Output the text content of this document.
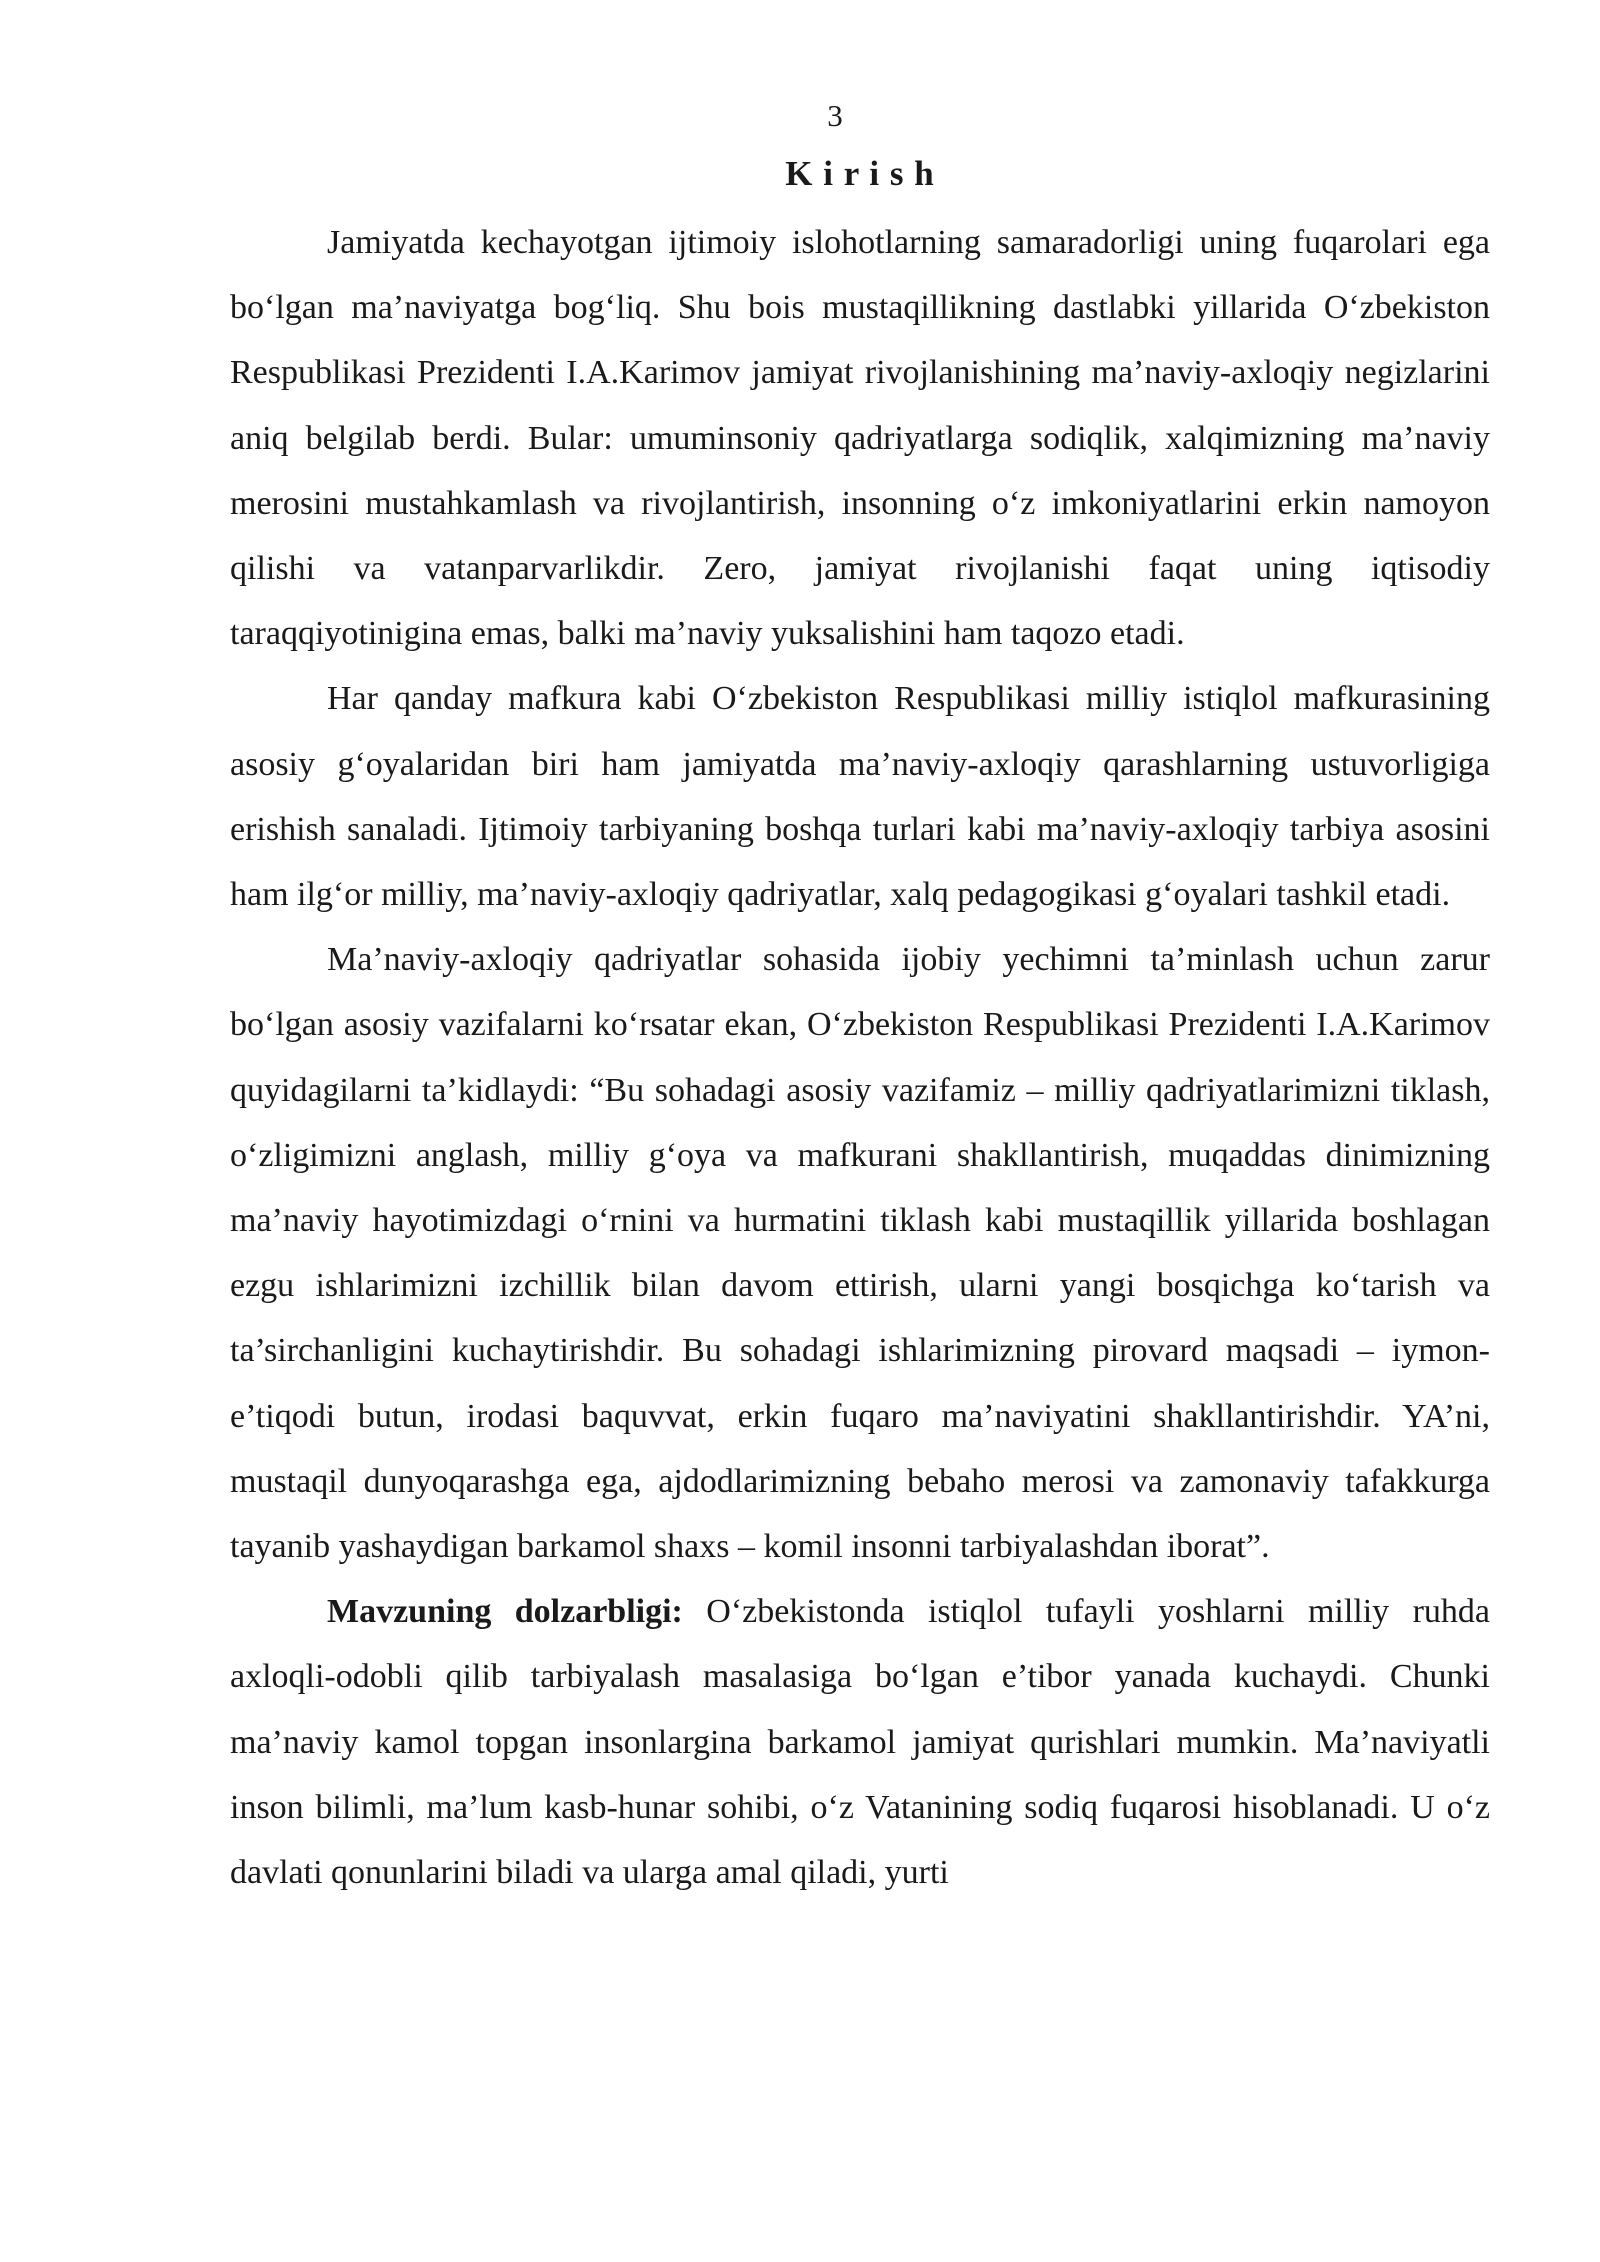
3
K i r i s h

Jamiyatda kechayotgan ijtimoiy islohotlarning samaradorligi uning fuqarolari ega bo‘lgan ma’naviyatga bog‘liq. Shu bois mustaqillikning dastlabki yillarida O‘zbekiston Respublikasi Prezidenti I.A.Karimov jamiyat rivojlanishining ma’naviy-axloqiy negizlarini aniq belgilab berdi. Bular: umuminsoniy qadriyatlarga sodiqlik, xalqimizning ma’naviy merosini mustahkamlash va rivojlantirish, insonning o‘z imkoniyatlarini erkin namoyon qilishi va vatanparvarlikdir. Zero, jamiyat rivojlanishi faqat uning iqtisodiy taraqqiyotinigina emas, balki ma’naviy yuksalishini ham taqozo etadi.

Har qanday mafkura kabi O‘zbekiston Respublikasi milliy istiqlol mafkurasining asosiy g‘oyalaridan biri ham jamiyatda ma’naviy-axloqiy qarashlarning ustuvorligiga erishish sanaladi. Ijtimoiy tarbiyaning boshqa turlari kabi ma’naviy-axloqiy tarbiya asosini ham ilg‘or milliy, ma’naviy-axloqiy qadriyatlar, xalq pedagogikasi g‘oyalari tashkil etadi.

Ma’naviy-axloqiy qadriyatlar sohasida ijobiy yechimni ta’minlash uchun zarur bo‘lgan asosiy vazifalarni ko‘rsatar ekan, O‘zbekiston Respublikasi Prezidenti I.A.Karimov quyidagilarni ta’kidlaydi: “Bu sohadagi asosiy vazifamiz – milliy qadriyatlarimizni tiklash, o‘zligimizni anglash, milliy g‘oya va mafkurani shakllantirish, muqaddas dinimizning ma’naviy hayotimizdagi o‘rnini va hurmatini tiklash kabi mustaqillik yillarida boshlagan ezgu ishlarimizni izchillik bilan davom ettirish, ularni yangi bosqichga ko‘tarish va ta’sirchanligini kuchaytirishdir. Bu sohadagi ishlarimizning pirovard maqsadi – iymon-e’tiqodi butun, irodasi baquvvat, erkin fuqaro ma’naviyatini shakllantirishdir. YA’ni, mustaqil dunyoqarashga ega, ajdodlarimizning bebaho merosi va zamonaviy tafakkurga tayanib yashaydigan barkamol shaxs – komil insonni tarbiyalashdan iborat”.

Mavzuning dolzarbligi: O‘zbekistonda istiqlol tufayli yoshlarni milliy ruhda axloqli-odobli qilib tarbiyalash masalasiga bo‘lgan e’tibor yanada kuchaydi. Chunki ma’naviy kamol topgan insonlargina barkamol jamiyat qurishlari mumkin. Ma’naviyatli inson bilimli, ma’lum kasb-hunar sohibi, o‘z Vatanining sodiq fuqarosi hisoblanadi. U o‘z davlati qonunlarini biladi va ularga amal qiladi, yurti
